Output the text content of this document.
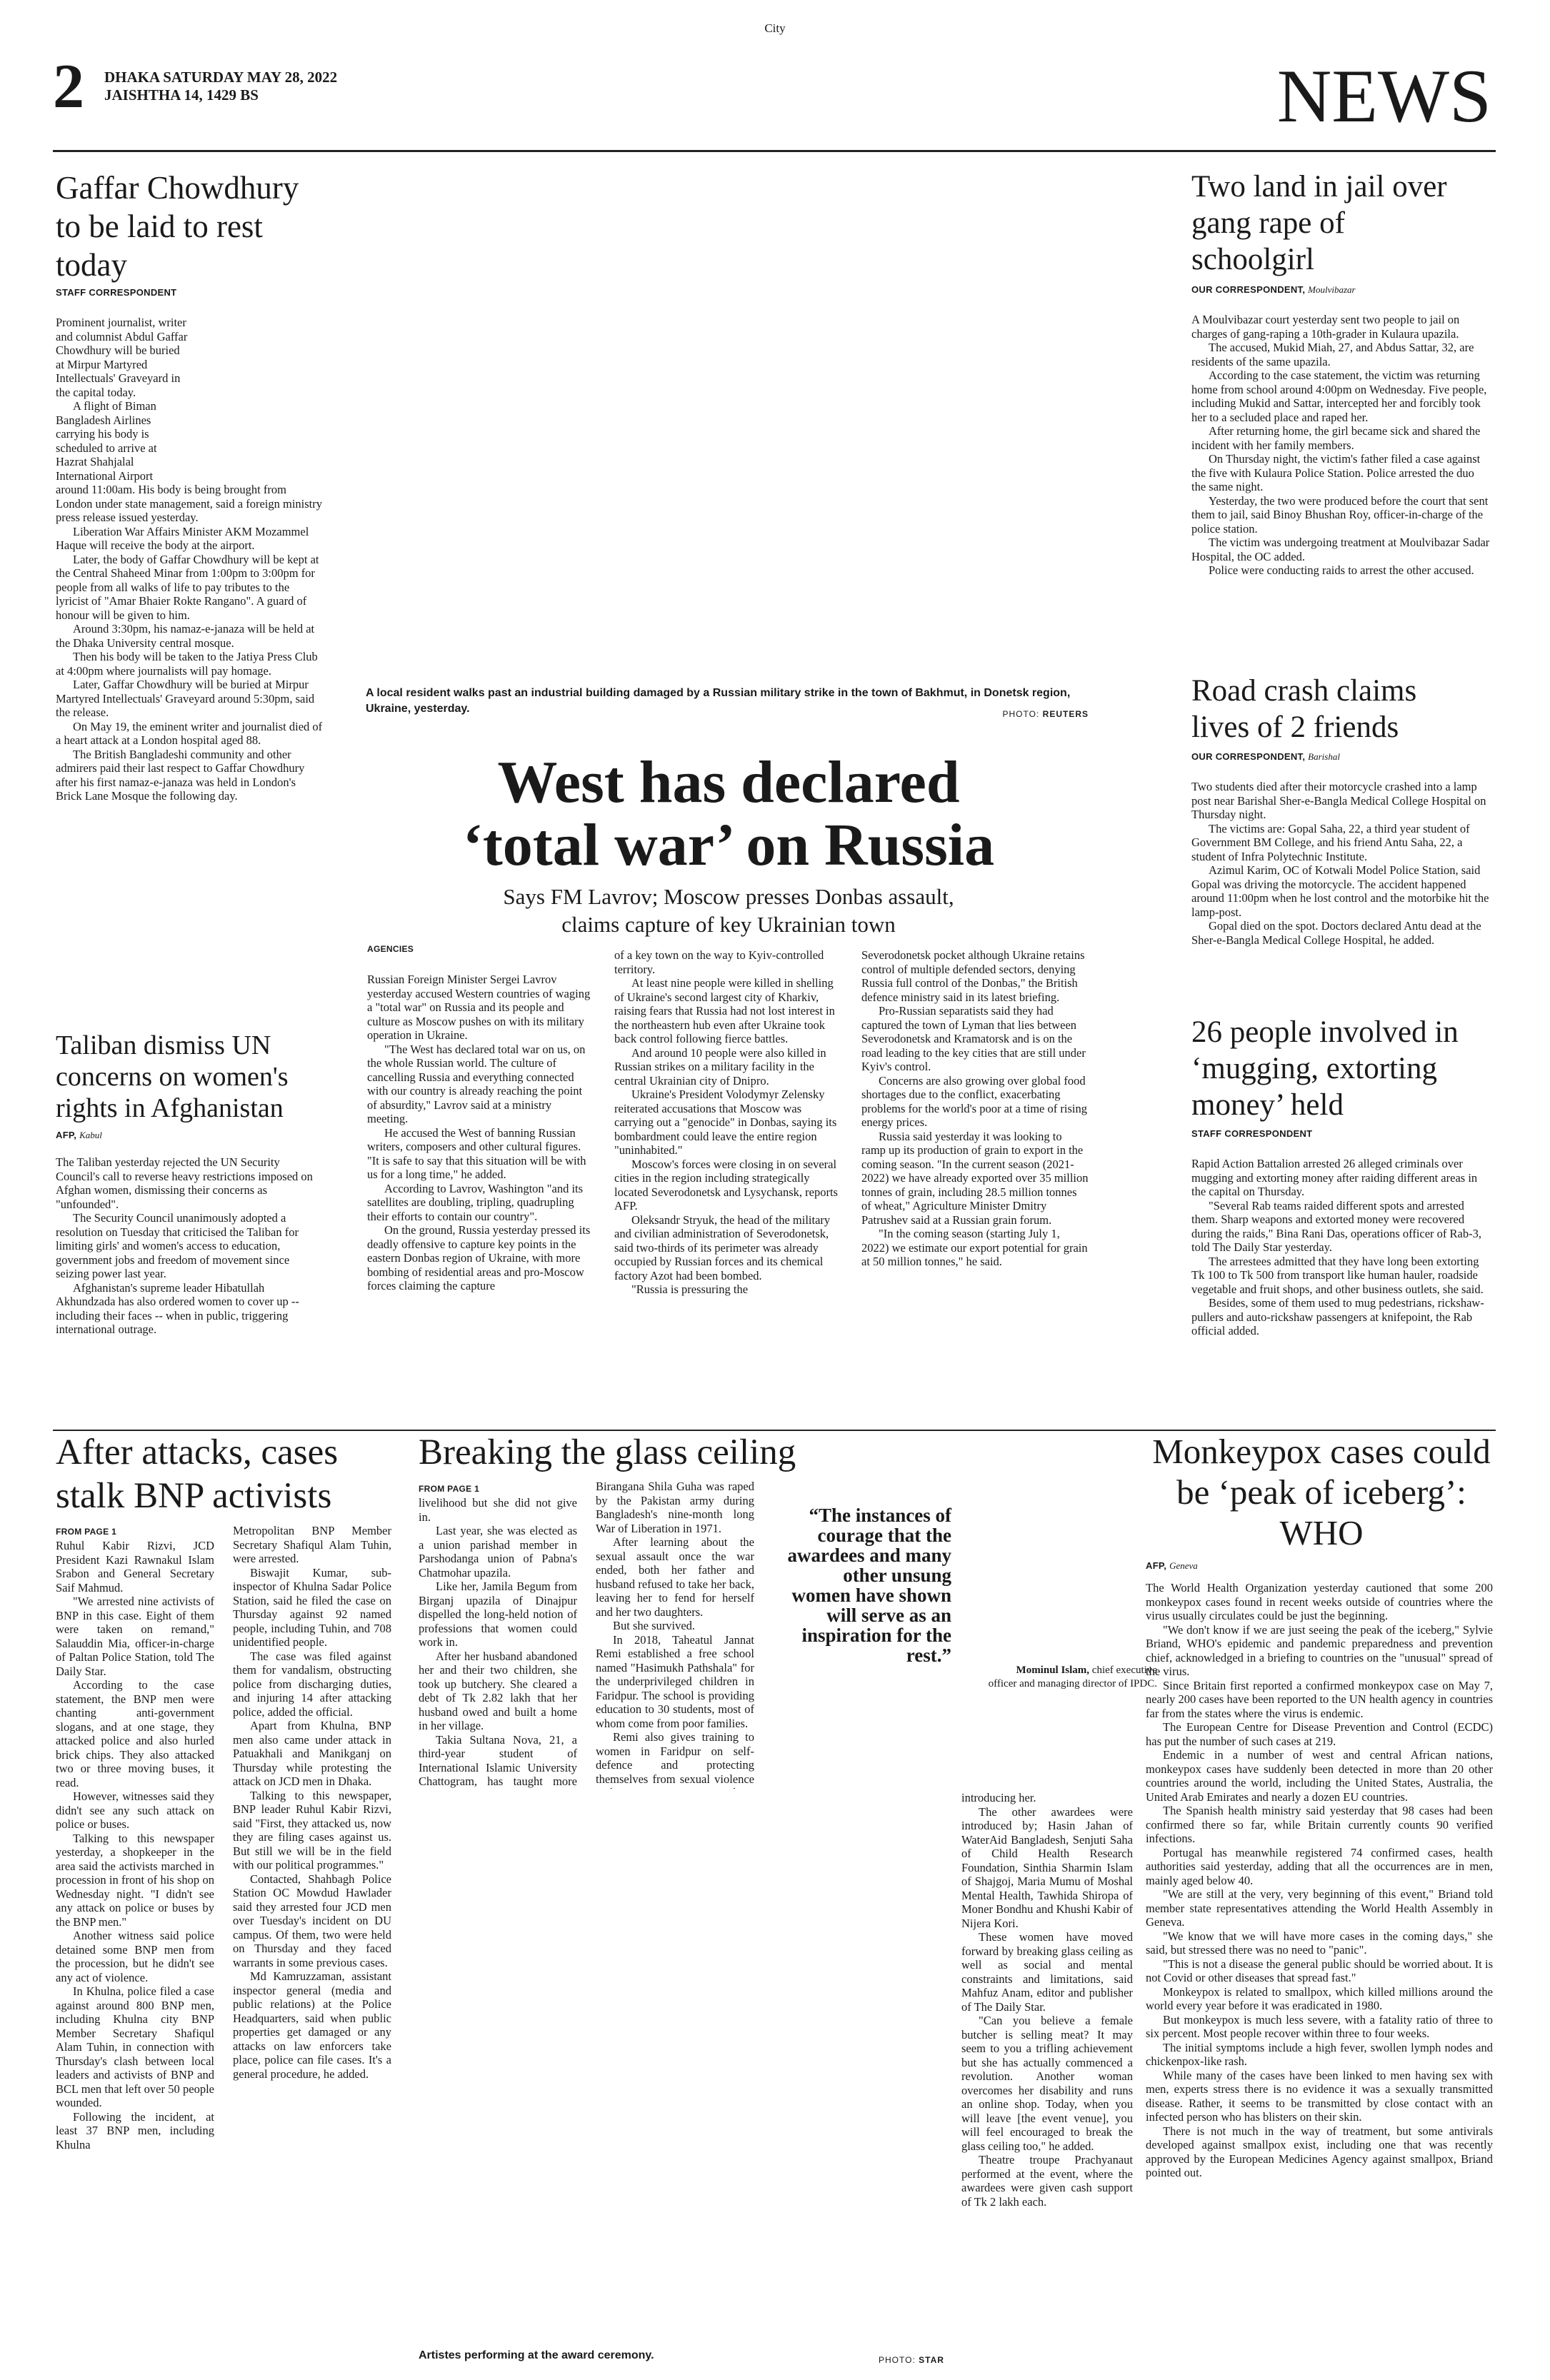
City
2 DHAKA SATURDAY MAY 28, 2022
JAISHTHA 14, 1429 BS	NEWS
Gaffar Chowdhury to be laid to rest today
STAFF CORRESPONDENT

Prominent journalist, writer and columnist Abdul Gaffar Chowdhury will be buried at Mirpur Martyred Intellectuals' Graveyard in the capital today.

A flight of Biman Bangladesh Airlines carrying his body is scheduled to arrive at Hazrat Shahjalal International Airport around 11:00am. His body is being brought from London under state management, said a foreign ministry press release issued yesterday.

Liberation War Affairs Minister AKM Mozammel Haque will receive the body at the airport.

Later, the body of Gaffar Chowdhury will be kept at the Central Shaheed Minar from 1:00pm to 3:00pm for people from all walks of life to pay tributes to the lyricist of "Amar Bhaier Rokte Rangano". A guard of honour will be given to him.

Around 3:30pm, his namaz-e-janaza will be held at the Dhaka University central mosque.

Then his body will be taken to the Jatiya Press Club at 4:00pm where journalists will pay homage.

Later, Gaffar Chowdhury will be buried at Mirpur Martyred Intellectuals' Graveyard around 5:30pm, said the release.

On May 19, the eminent writer and journalist died of a heart attack at a London hospital aged 88.

The British Bangladeshi community and other admirers paid their last respect to Gaffar Chowdhury after his first namaz-e-janaza was held in London's Brick Lane Mosque the following day.

Taliban dismiss UN concerns on women's rights in Afghanistan
AFP, Kabul

The Taliban yesterday rejected the UN Security Council's call to reverse heavy restrictions imposed on Afghan women, dismissing their concerns as "unfounded".

The Security Council unanimously adopted a resolution on Tuesday that criticised the Taliban for limiting girls' and women's access to education, government jobs and freedom of movement since seizing power last year.

Afghanistan's supreme leader Hibatullah Akhundzada has also ordered women to cover up -- including their faces -- when in public, triggering international outrage.

A local resident walks past an industrial building damaged by a Russian military strike in the town of Bakhmut, in Donetsk region, Ukraine, yesterday.	PHOTO: REUTERS
West has declared
‘total war’ on Russia
Says FM Lavrov; Moscow presses Donbas assault,
claims capture of key Ukrainian town
AGENCIES

Russian Foreign Minister Sergei Lavrov yesterday accused Western countries of waging a "total war" on Russia and its people and culture as Moscow pushes on with its military operation in Ukraine.

"The West has declared total war on us, on the whole Russian world. The culture of cancelling Russia and everything connected with our country is already reaching the point of absurdity," Lavrov said at a ministry meeting.

He accused the West of banning Russian writers, composers and other cultural figures. "It is safe to say that this situation will be with us for a long time," he added.

According to Lavrov, Washington "and its satellites are doubling, tripling, quadrupling their efforts to contain our country".

On the ground, Russia yesterday pressed its deadly offensive to capture key points in the eastern Donbas region of Ukraine, with more bombing of residential areas and pro-Moscow forces claiming the capture

of a key town on the way to Kyiv-controlled territory.

At least nine people were killed in shelling of Ukraine's second largest city of Kharkiv, raising fears that Russia had not lost interest in the northeastern hub even after Ukraine took back control following fierce battles.

And around 10 people were also killed in Russian strikes on a military facility in the central Ukrainian city of Dnipro.

Ukraine's President Volodymyr Zelensky reiterated accusations that Moscow was carrying out a "genocide" in Donbas, saying its bombardment could leave the entire region "uninhabited."

Moscow's forces were closing in on several cities in the region including strategically located Severodonetsk and Lysychansk, reports AFP.

Oleksandr Stryuk, the head of the military and civilian administration of Severodonetsk, said two-thirds of its perimeter was already occupied by Russian forces and its chemical factory Azot had been bombed.

"Russia is pressuring the

Severodonetsk pocket although Ukraine retains control of multiple defended sectors, denying Russia full control of the Donbas," the British defence ministry said in its latest briefing.

Pro-Russian separatists said they had captured the town of Lyman that lies between Severodonetsk and Kramatorsk and is on the road leading to the key cities that are still under Kyiv's control.

Concerns are also growing over global food shortages due to the conflict, exacerbating problems for the world's poor at a time of rising energy prices.

Russia said yesterday it was looking to ramp up its production of grain to export in the coming season. "In the current season (2021-2022) we have already exported over 35 million tonnes of grain, including 28.5 million tonnes of wheat," Agriculture Minister Dmitry Patrushev said at a Russian grain forum.

"In the coming season (starting July 1, 2022) we estimate our export potential for grain at 50 million tonnes," he said.

Two land in jail over gang rape of schoolgirl
OUR CORRESPONDENT, Moulvibazar

A Moulvibazar court yesterday sent two people to jail on charges of gang-raping a 10th-grader in Kulaura upazila.

The accused, Mukid Miah, 27, and Abdus Sattar, 32, are residents of the same upazila.

According to the case statement, the victim was returning home from school around 4:00pm on Wednesday. Five people, including Mukid and Sattar, intercepted her and forcibly took her to a secluded place and raped her.

After returning home, the girl became sick and shared the incident with her family members.

On Thursday night, the victim's father filed a case against the five with Kulaura Police Station. Police arrested the duo the same night.

Yesterday, the two were produced before the court that sent them to jail, said Binoy Bhushan Roy, officer-in-charge of the police station.

The victim was undergoing treatment at Moulvibazar Sadar Hospital, the OC added.

Police were conducting raids to arrest the other accused.

Road crash claims lives of 2 friends
OUR CORRESPONDENT, Barishal

Two students died after their motorcycle crashed into a lamp post near Barishal Sher-e-Bangla Medical College Hospital on Thursday night.

The victims are: Gopal Saha, 22, a third year student of Government BM College, and his friend Antu Saha, 22, a student of Infra Polytechnic Institute.

Azimul Karim, OC of Kotwali Model Police Station, said Gopal was driving the motorcycle. The accident happened around 11:00pm when he lost control and the motorbike hit the lamp-post.

Gopal died on the spot. Doctors declared Antu dead at the Sher-e-Bangla Medical College Hospital, he added.

26 people involved in ‘mugging, extorting money’ held
STAFF CORRESPONDENT

Rapid Action Battalion arrested 26 alleged criminals over mugging and extorting money after raiding different areas in the capital on Thursday.

"Several Rab teams raided different spots and arrested them. Sharp weapons and extorted money were recovered during the raids," Bina Rani Das, operations officer of Rab-3, told The Daily Star yesterday.

The arrestees admitted that they have long been extorting Tk 100 to Tk 500 from transport like human hauler, roadside vegetable and fruit shops, and other business outlets, she said.

Besides, some of them used to mug pedestrians, rickshaw-pullers and auto-rickshaw passengers at knifepoint, the Rab official added.

After attacks, cases stalk BNP activists
FROM PAGE 1

Ruhul Kabir Rizvi, JCD President Kazi Rawnakul Islam Srabon and General Secretary Saif Mahmud.

"We arrested nine activists of BNP in this case. Eight of them were taken on remand," Salauddin Mia, officer-in-charge of Paltan Police Station, told The Daily Star.

According to the case statement, the BNP men were chanting anti-government slogans, and at one stage, they attacked police and also hurled brick chips. They also attacked two or three moving buses, it read.

However, witnesses said they didn't see any such attack on police or buses.

Talking to this newspaper yesterday, a shopkeeper in the area said the activists marched in procession in front of his shop on Wednesday night. "I didn't see any attack on police or buses by the BNP men."

Another witness said police detained some BNP men from the procession, but he didn't see any act of violence.

In Khulna, police filed a case against around 800 BNP men, including Khulna city BNP Member Secretary Shafiqul Alam Tuhin, in connection with Thursday's clash between local leaders and activists of BNP and BCL men that left over 50 people wounded.

Following the incident, at least 37 BNP men, including Khulna

Metropolitan BNP Member Secretary Shafiqul Alam Tuhin, were arrested.

Biswajit Kumar, sub-inspector of Khulna Sadar Police Station, said he filed the case on Thursday against 92 named people, including Tuhin, and 708 unidentified people.

The case was filed against them for vandalism, obstructing police from discharging duties, and injuring 14 after attacking police, added the official.

Apart from Khulna, BNP men also came under attack in Patuakhali and Manikganj on Thursday while protesting the attack on JCD men in Dhaka.

Talking to this newspaper, BNP leader Ruhul Kabir Rizvi, said "First, they attacked us, now they are filing cases against us. But still we will be in the field with our political programmes."

Contacted, Shahbagh Police Station OC Mowdud Hawlader said they arrested four JCD men over Tuesday's incident on DU campus. Of them, two were held on Thursday and they faced warrants in some previous cases.

Md Kamruzzaman, assistant inspector general (media and public relations) at the Police Headquarters, said when public properties get damaged or any attacks on law enforcers take place, police can file cases. It's a general procedure, he added.

Breaking the glass ceiling
FROM PAGE 1

livelihood but she did not give in.

Last year, she was elected as a union parishad member in Parshodanga union of Pabna's Chatmohar upazila.

Like her, Jamila Begum from Birganj upazila of Dinajpur dispelled the long-held notion of professions that women could work in.

After her husband abandoned her and their two children, she took up butchery. She cleared a debt of Tk 2.82 lakh that her husband owed and built a home in her village.

Takia Sultana Nova, 21, a third-year student of International Islamic University Chattogram, has taught more

Birangana Shila Guha was raped by the Pakistan army during Bangladesh's nine-month long War of Liberation in 1971.

After learning about the sexual assault once the war ended, both her father and husband refused to take her back, leaving her to fend for herself and her two daughters.

But she survived.

In 2018, Taheatul Jannat Remi established a free school named "Hasimukh Pathshala" for the underprivileged children in Faridpur. The school is providing education to 30 students, most of whom come from poor families.

Remi also gives training to women in Faridpur on self-defence and protecting themselves from sexual violence

“The instances of courage that the awardees and many other unsung women have shown will serve as an inspiration for the rest.”
Mominul Islam, chief executive officer and managing director of IPDC.

introducing her.

The other awardees were introduced by; Hasin Jahan of WaterAid Bangladesh, Senjuti Saha of Child Health Research Foundation, Sinthia Sharmin Islam of Shajgoj, Maria Mumu of Moshal Mental Health, Tawhida Shiropa of Moner Bondhu and Khushi Kabir of Nijera Kori.

These women have moved forward by breaking glass ceiling as well as social and mental constraints and limitations, said Mahfuz Anam, editor and publisher of The Daily Star.

"Can you believe a female butcher is selling meat? It may seem to you a trifling achievement but she has actually commenced a revolution. Another woman overcomes her disability and runs an online shop. Today, when you will leave [the event venue], you will feel encouraged to break the glass ceiling too," he added.

Theatre troupe Prachyanaut performed at the event, where the awardees were given cash support of Tk 2 lakh each.

Artistes performing at the award ceremony.	PHOTO: STAR
Monkeypox cases could be ‘peak of iceberg’: WHO
AFP, Geneva

The World Health Organization yesterday cautioned that some 200 monkeypox cases found in recent weeks outside of countries where the virus usually circulates could be just the beginning.

"We don't know if we are just seeing the peak of the iceberg," Sylvie Briand, WHO's epidemic and pandemic preparedness and prevention chief, acknowledged in a briefing to countries on the "unusual" spread of the virus.

Since Britain first reported a confirmed monkeypox case on May 7, nearly 200 cases have been reported to the UN health agency in countries far from the states where the virus is endemic.

The European Centre for Disease Prevention and Control (ECDC) has put the number of such cases at 219.

Endemic in a number of west and central African nations, monkeypox cases have suddenly been detected in more than 20 other countries around the world, including the United States, Australia, the United Arab Emirates and nearly a dozen EU countries.

The Spanish health ministry said yesterday that 98 cases had been confirmed there so far, while Britain currently counts 90 verified infections.

Portugal has meanwhile registered 74 confirmed cases, health authorities said yesterday, adding that all the occurrences are in men, mainly aged below 40.

"We are still at the very, very beginning of this event," Briand told member state representatives attending the World Health Assembly in Geneva.

"We know that we will have more cases in the coming days," she said, but stressed there was no need to "panic".

"This is not a disease the general public should be worried about. It is not Covid or other diseases that spread fast."

Monkeypox is related to smallpox, which killed millions around the world every year before it was eradicated in 1980.

But monkeypox is much less severe, with a fatality ratio of three to six percent. Most people recover within three to four weeks.

The initial symptoms include a high fever, swollen lymph nodes and chickenpox-like rash.

While many of the cases have been linked to men having sex with men, experts stress there is no evidence it was a sexually transmitted disease. Rather, it seems to be transmitted by close contact with an infected person who has blisters on their skin.

There is not much in the way of treatment, but some antivirals developed against smallpox exist, including one that was recently approved by the European Medicines Agency against smallpox, Briand pointed out.
